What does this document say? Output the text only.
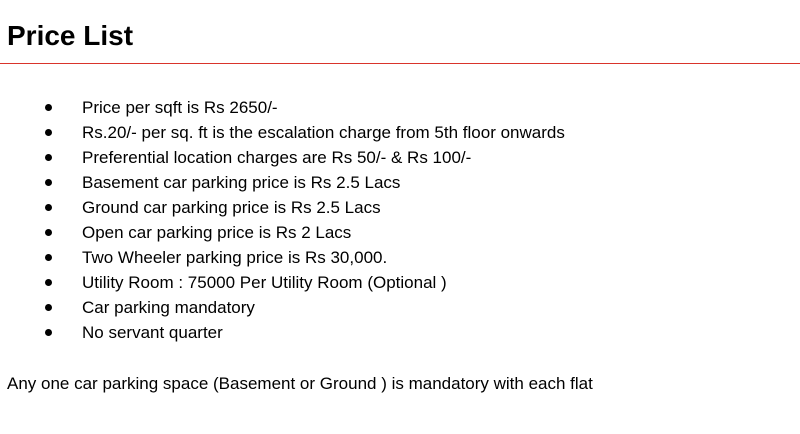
Price List
Price per sqft is Rs 2650/-
Rs.20/- per sq. ft is the escalation charge from 5th floor onwards
Preferential location charges are Rs 50/- & Rs 100/-
Basement car parking price is Rs 2.5 Lacs
Ground car parking price is Rs 2.5 Lacs
Open car parking price is Rs 2 Lacs
Two Wheeler parking price is Rs 30,000.
Utility Room : 75000 Per Utility Room (Optional )
Car parking mandatory
No servant quarter

Any one car parking space (Basement or Ground ) is mandatory with each flat
